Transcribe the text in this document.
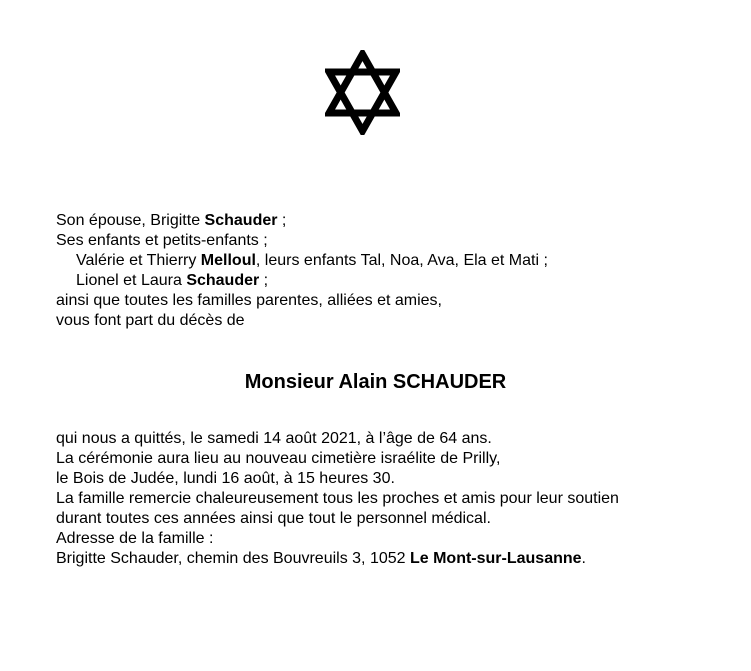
Son épouse, Brigitte Schauder ;
Ses enfants et petits-enfants ;
Valérie et Thierry Melloul, leurs enfants Tal, Noa, Ava, Ela et Mati ;
Lionel et Laura Schauder ;
ainsi que toutes les familles parentes, alliées et amies,
vous font part du décès de
Monsieur Alain SCHAUDER
qui nous a quittés, le samedi 14 août 2021, à l’âge de 64 ans.
La cérémonie aura lieu au nouveau cimetière israélite de Prilly,
le Bois de Judée, lundi 16 août, à 15 heures 30.
La famille remercie chaleureusement tous les proches et amis pour leur soutien
durant toutes ces années ainsi que tout le personnel médical.
Adresse de la famille :
Brigitte Schauder, chemin des Bouvreuils 3, 1052 Le Mont-sur-Lausanne.
